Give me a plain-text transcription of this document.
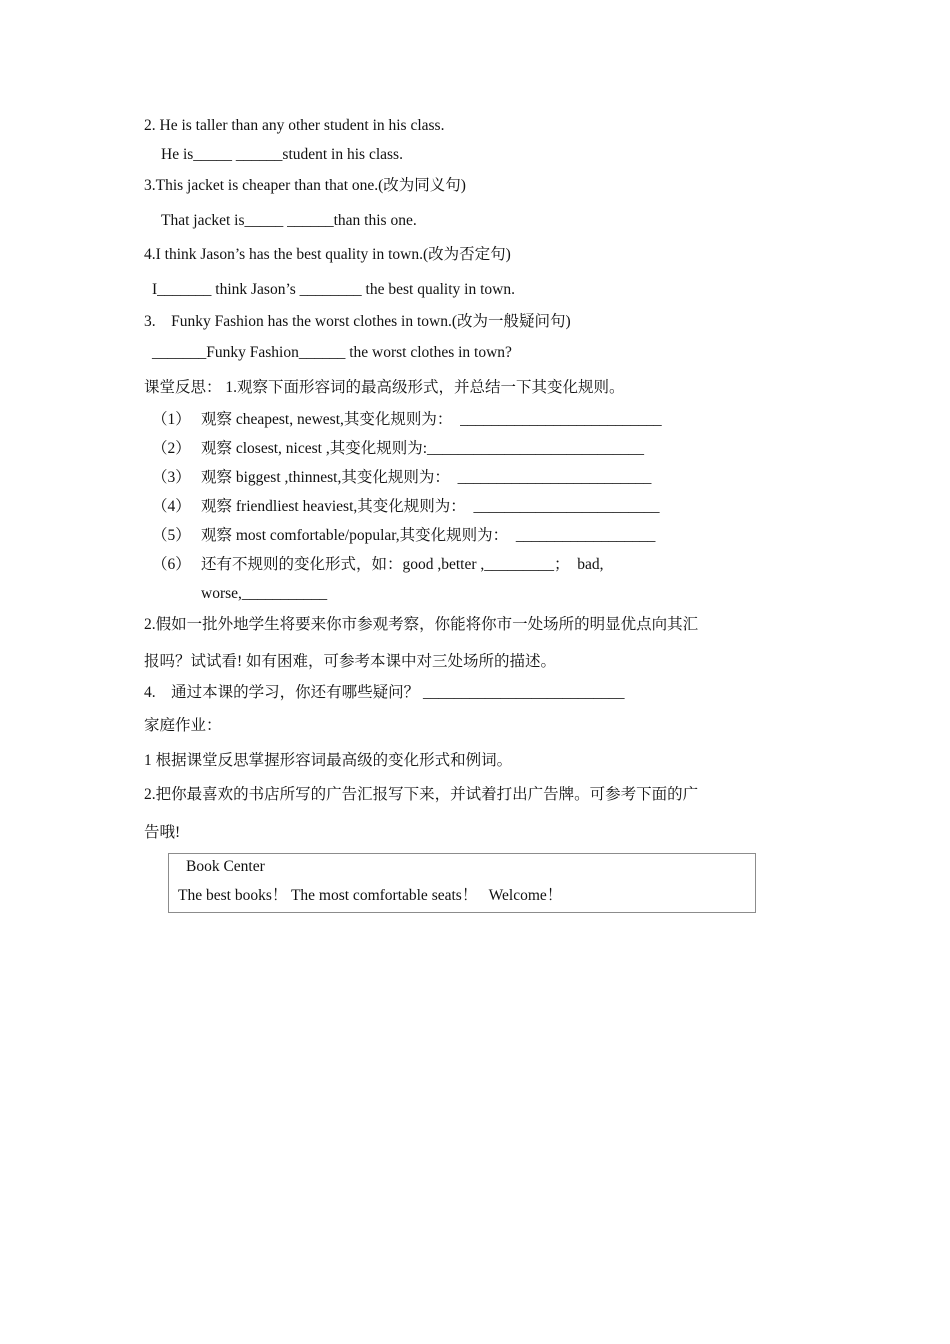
2. He is taller than any other student in his class.
He is_____ ______student in his class.
3.This jacket is cheaper than that one.(改为同义句)
That jacket is_____ ______than this one.
4.I think Jason’s has the best quality in town.(改为否定句)
I_______ think Jason’s ________ the best quality in town.
3.    Funky Fashion has the worst clothes in town.(改为一般疑问句)
_______Funky Fashion______ the worst clothes in town?
课堂反思： 1.观察下面形容词的最高级形式，并总结一下其变化规则。
（1） 观察 cheapest, newest,其变化规则为：  __________________________
（2） 观察 closest, nicest ,其变化规则为:____________________________
（3） 观察 biggest ,thinnest,其变化规则为：  _________________________
（4） 观察 friendliest heaviest,其变化规则为：  ________________________
（5） 观察 most comfortable/popular,其变化规则为：  __________________
（6） 还有不规则的变化形式，如：good ,better ,_________；  bad,
worse,___________
2.假如一批外地学生将要来你市参观考察，你能将你市一处场所的明显优点向其汇
报吗？试试看! 如有困难，可参考本课中对三处场所的描述。
4.    通过本课的学习，你还有哪些疑问？ __________________________
家庭作业：
1 根据课堂反思掌握形容词最高级的变化形式和例词。
2.把你最喜欢的书店所写的广告汇报写下来，并试着打出广告牌。可参考下面的广
告哦!
Book Center
The best books！ The most comfortable seats！   Welcome！
